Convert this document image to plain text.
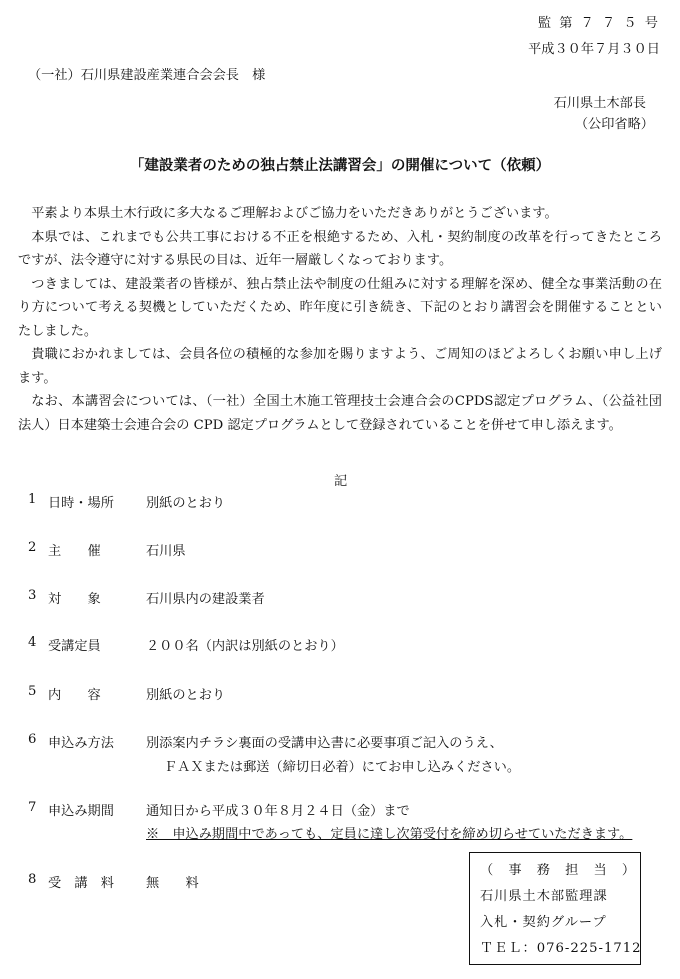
監 第 ７ ７ ５ 号
平成３０年７月３０日
（一社）石川県建設産業連合会会長　様
石川県土木部長
（公印省略）
「建設業者のための独占禁止法講習会」の開催について（依頼）

平素より本県土木行政に多大なるご理解およびご協力をいただきありがとうございます。

本県では、これまでも公共工事における不正を根絶するため、入札・契約制度の改革を行ってきたところですが、法令遵守に対する県民の目は、近年一層厳しくなっております。

つきましては、建設業者の皆様が、独占禁止法や制度の仕組みに対する理解を深め、健全な事業活動の在り方について考える契機としていただくため、昨年度に引き続き、下記のとおり講習会を開催することといたしました。

貴職におかれましては、会員各位の積極的な参加を賜りますよう、ご周知のほどよろしくお願い申し上げます。

なお、本講習会については、（一社）全国土木施工管理技士会連合会のCPDS認定プログラム、（公益社団法人）日本建築士会連合会の CPD 認定プログラムとして登録されていることを併せて申し添えます。

記
1 日時・場所 別紙のとおり
2 主　　催	石川県
3 対　　象	石川県内の建設業者
4 受講定員	２００名（内訳は別紙のとおり）
5 内　　容	別紙のとおり
6 申込み方法 別添案内チラシ裏面の受講申込書に必要事項ご記入のうえ、
ＦＡＸまたは郵送（締切日必着）にてお申し込みください。
7 申込み期間 通知日から平成３０年８月２４日（金）まで
※　申込み期間中であっても、定員に達し次第受付を締め切らせていただきます。
8 受　講　料 無　　料
（　事　務　担　当　）
石川県土木部監理課
入札・契約グループ
ＴＥＬ：076-225-1712
